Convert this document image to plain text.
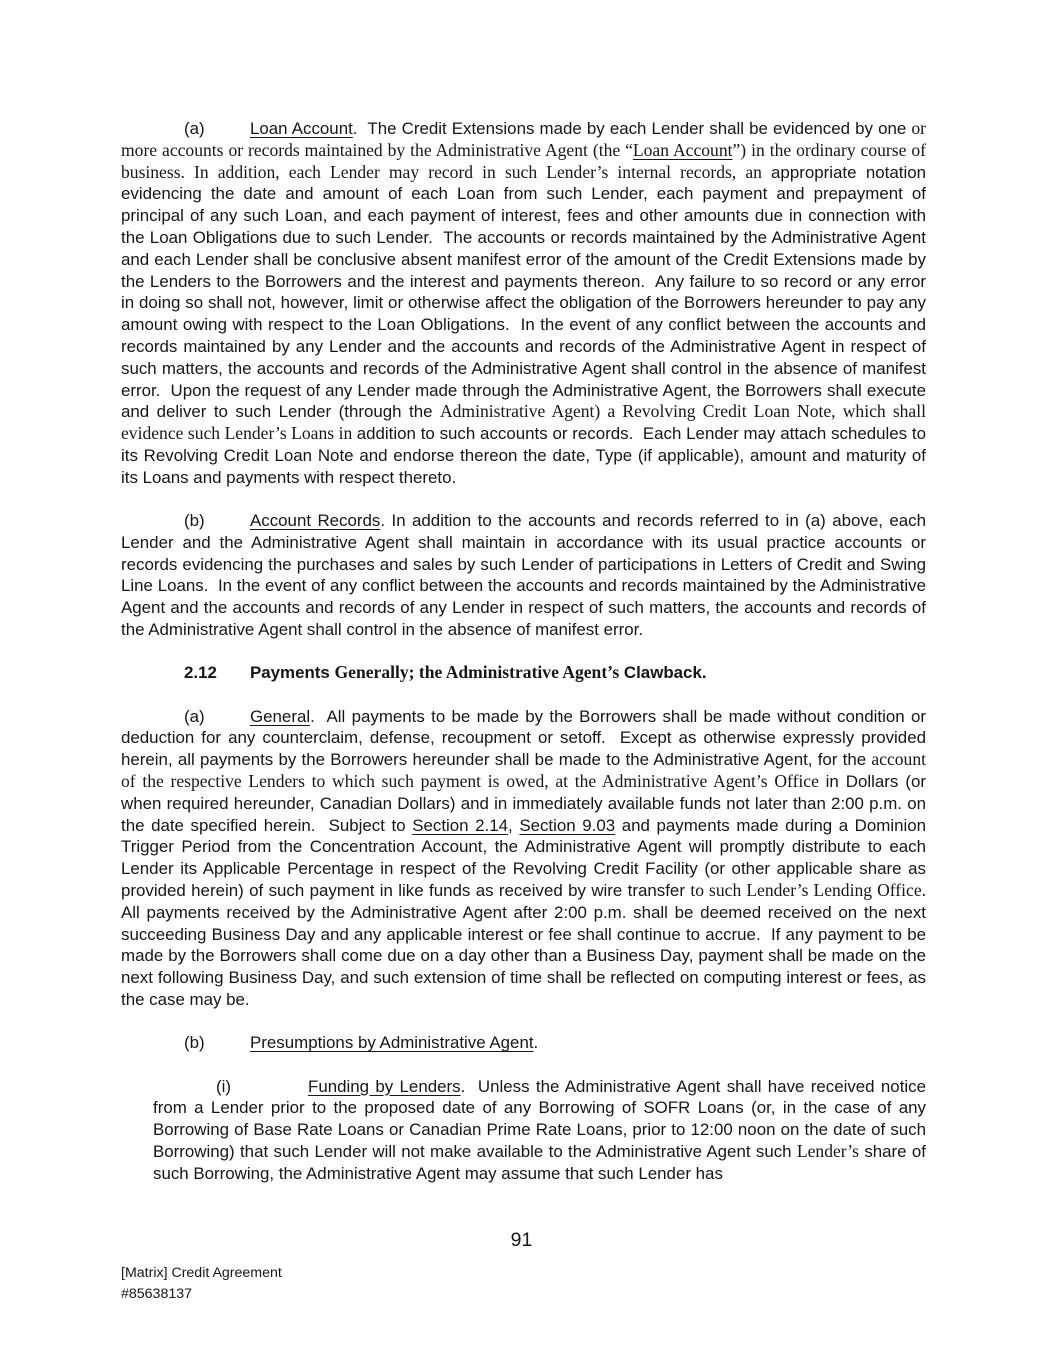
(a)	Loan Account.  The Credit Extensions made by each Lender shall be evidenced by one or more accounts or records maintained by the Administrative Agent (the “Loan Account”) in the ordinary course of business. In addition, each Lender may record in such Lender’s internal records, an appropriate notation evidencing the date and amount of each Loan from such Lender, each payment and prepayment of principal of any such Loan, and each payment of interest, fees and other amounts due in connection with the Loan Obligations due to such Lender.  The accounts or records maintained by the Administrative Agent and each Lender shall be conclusive absent manifest error of the amount of the Credit Extensions made by the Lenders to the Borrowers and the interest and payments thereon.  Any failure to so record or any error in doing so shall not, however, limit or otherwise affect the obligation of the Borrowers hereunder to pay any amount owing with respect to the Loan Obligations.  In the event of any conflict between the accounts and records maintained by any Lender and the accounts and records of the Administrative Agent in respect of such matters, the accounts and records of the Administrative Agent shall control in the absence of manifest error.  Upon the request of any Lender made through the Administrative Agent, the Borrowers shall execute and deliver to such Lender (through the Administrative Agent) a Revolving Credit Loan Note, which shall evidence such Lender’s Loans in addition to such accounts or records.  Each Lender may attach schedules to its Revolving Credit Loan Note and endorse thereon the date, Type (if applicable), amount and maturity of its Loans and payments with respect thereto.

(b)	Account Records. In addition to the accounts and records referred to in (a) above, each Lender and the Administrative Agent shall maintain in accordance with its usual practice accounts or records evidencing the purchases and sales by such Lender of participations in Letters of Credit and Swing Line Loans.  In the event of any conflict between the accounts and records maintained by the Administrative Agent and the accounts and records of any Lender in respect of such matters, the accounts and records of the Administrative Agent shall control in the absence of manifest error.

2.12 Payments Generally; the Administrative Agent’s Clawback.

(a)	General.  All payments to be made by the Borrowers shall be made without condition or deduction for any counterclaim, defense, recoupment or setoff.  Except as otherwise expressly provided herein, all payments by the Borrowers hereunder shall be made to the Administrative Agent, for the account of the respective Lenders to which such payment is owed, at the Administrative Agent’s Office in Dollars (or when required hereunder, Canadian Dollars) and in immediately available funds not later than 2:00 p.m. on the date specified herein.  Subject to Section 2.14, Section 9.03 and payments made during a Dominion Trigger Period from the Concentration Account, the Administrative Agent will promptly distribute to each Lender its Applicable Percentage in respect of the Revolving Credit Facility (or other applicable share as provided herein) of such payment in like funds as received by wire transfer to such Lender’s Lending Office.  All payments received by the Administrative Agent after 2:00 p.m. shall be deemed received on the next succeeding Business Day and any applicable interest or fee shall continue to accrue.  If any payment to be made by the Borrowers shall come due on a day other than a Business Day, payment shall be made on the next following Business Day, and such extension of time shall be reflected on computing interest or fees, as the case may be.

(b)	Presumptions by Administrative Agent.

(i)	Funding by Lenders.  Unless the Administrative Agent shall have received notice from a Lender prior to the proposed date of any Borrowing of SOFR Loans (or, in the case of any Borrowing of Base Rate Loans or Canadian Prime Rate Loans, prior to 12:00 noon on the date of such Borrowing) that such Lender will not make available to the Administrative Agent such Lender’s share of such Borrowing, the Administrative Agent may assume that such Lender has

91
[Matrix] Credit Agreement
#85638137
